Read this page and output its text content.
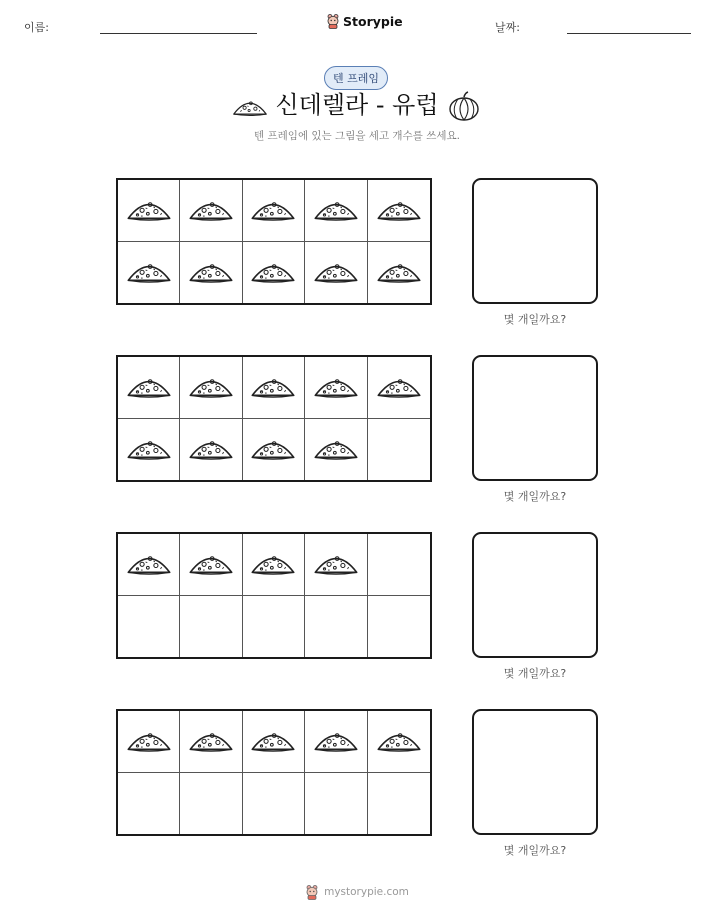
이름:	Storypie	날짜:
텐 프레임
신데렐라 - 유럽
텐 프레임에 있는 그림을 세고 개수를 쓰세요.
몇 개일까요?
몇 개일까요?
몇 개일까요?
몇 개일까요?
mystorypie.com
